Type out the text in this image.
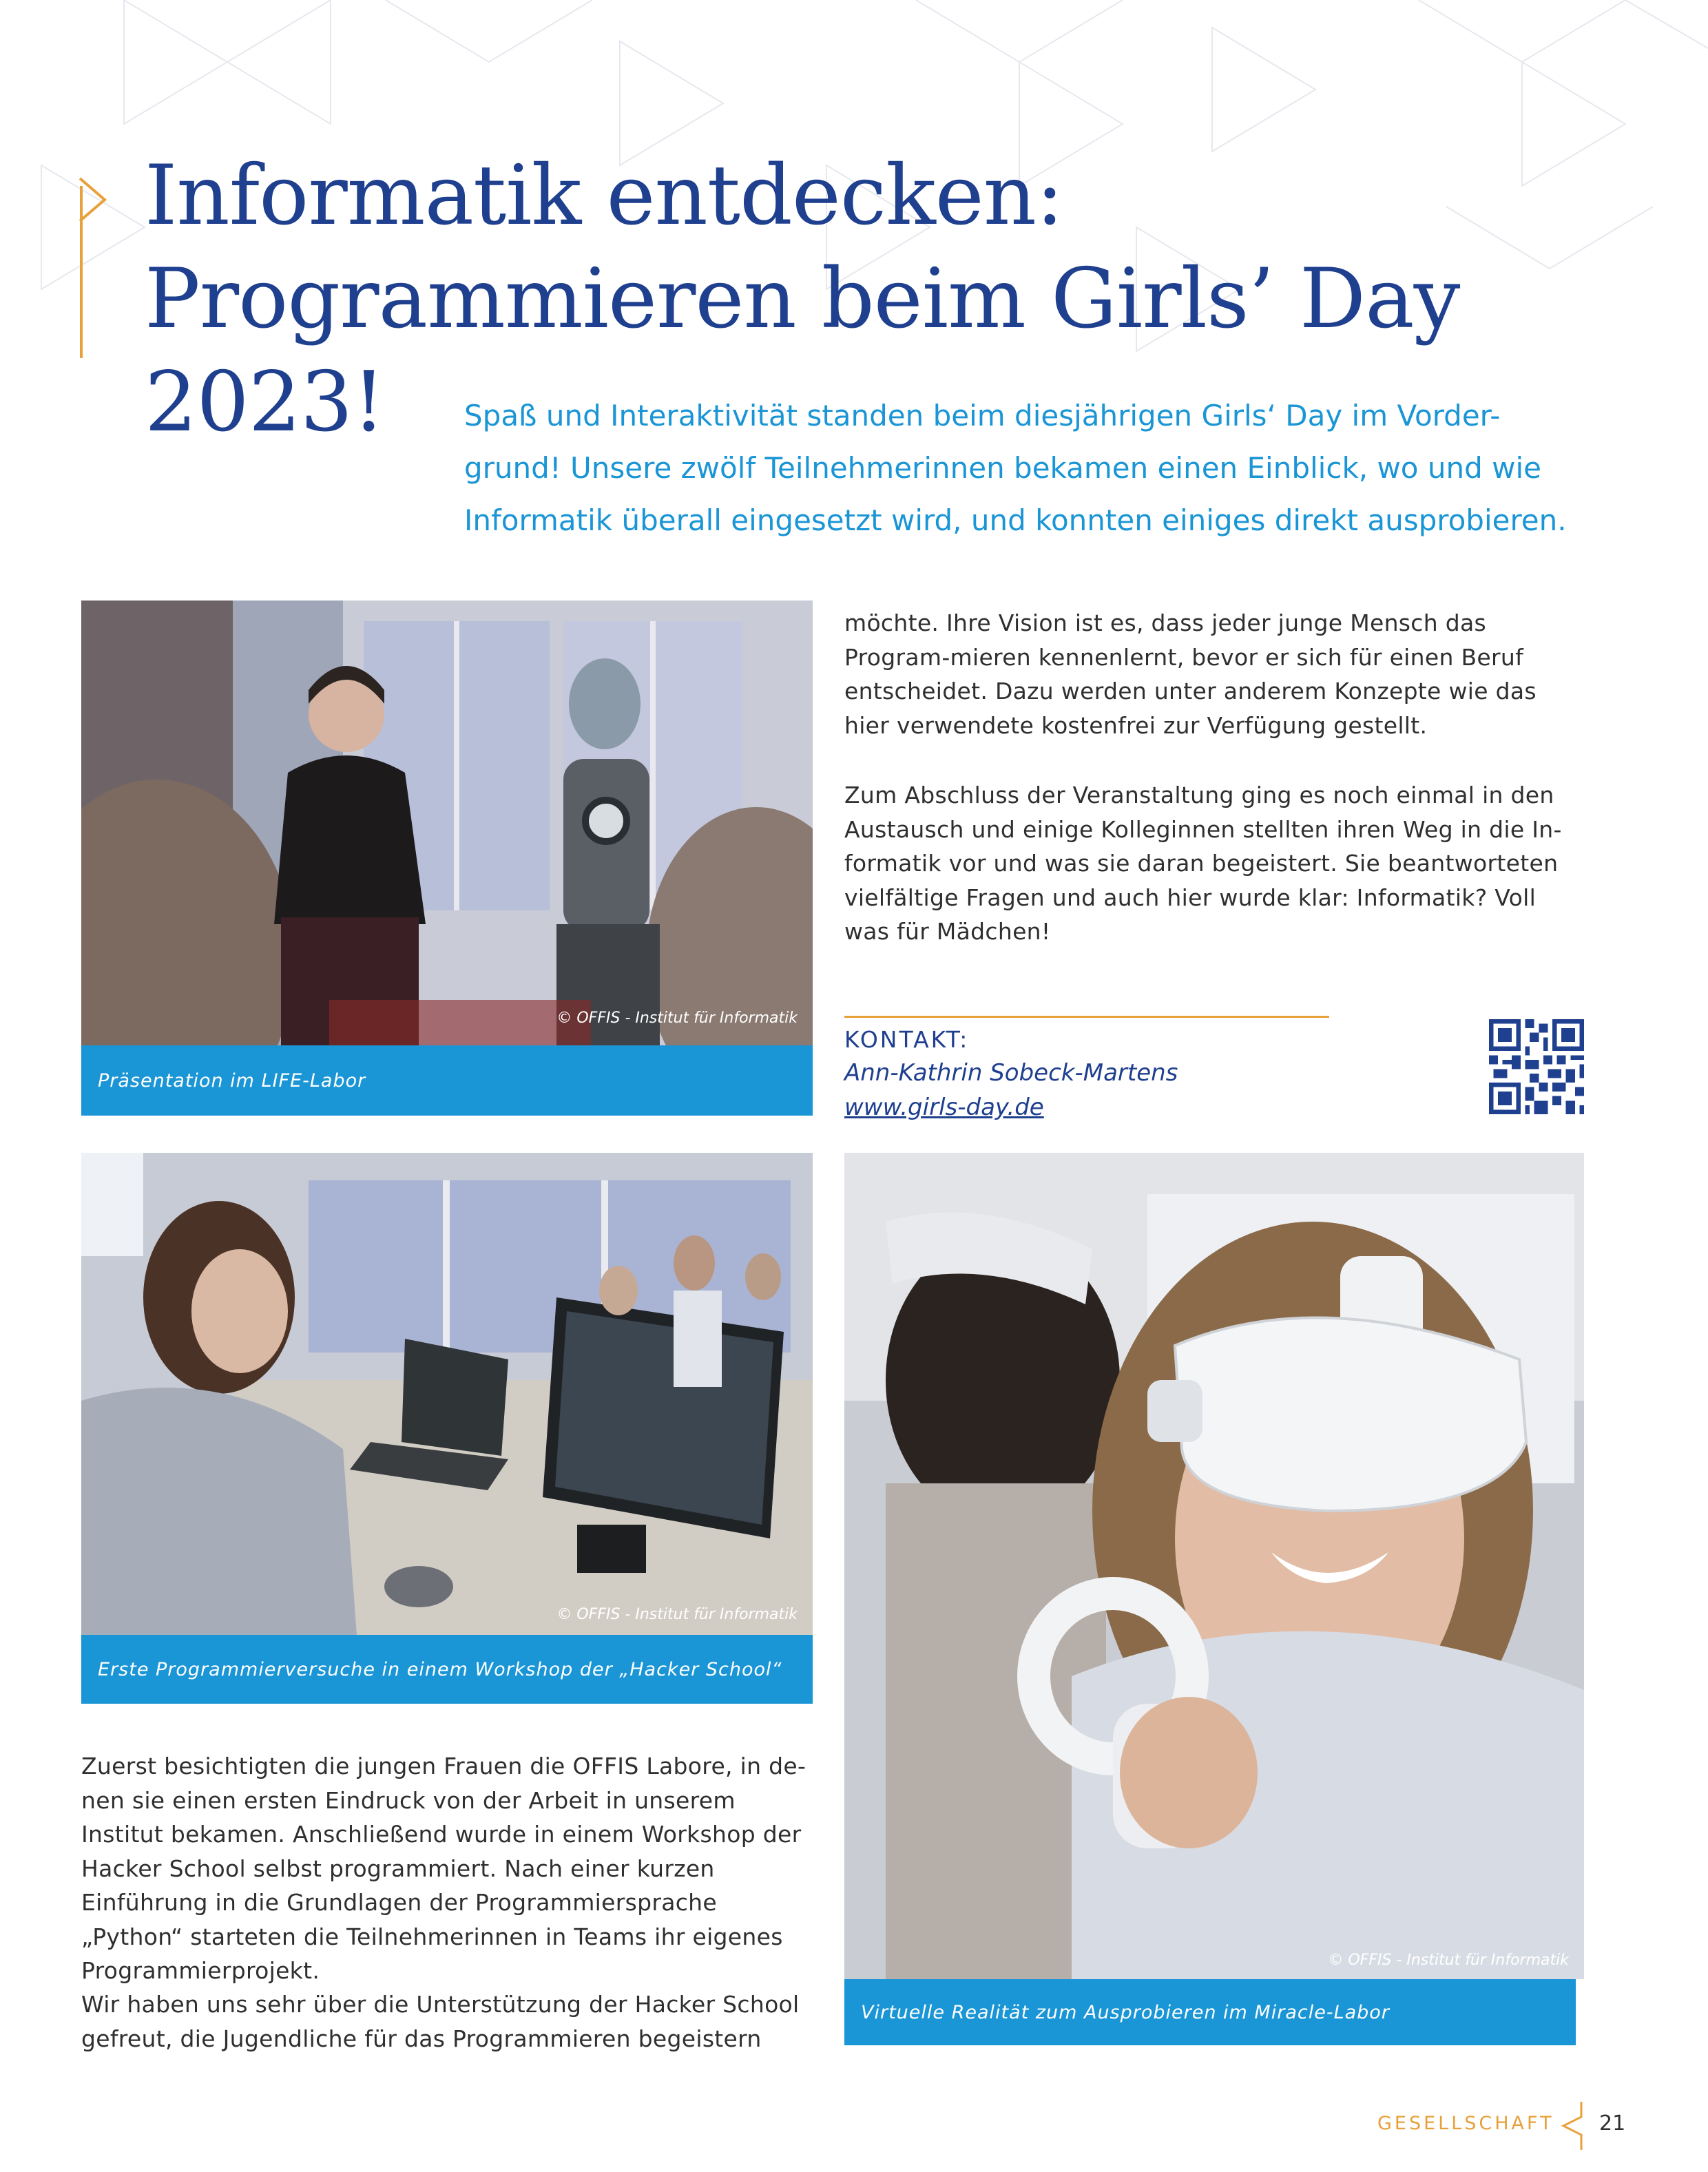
Informatik entdecken: Programmieren beim Girls’ Day 2023!	Spaß und Interaktivität standen beim diesjährigen Girls‘ Day im Vorder-grund! Unsere zwölf Teilnehmerinnen bekamen einen Einblick, wo und wie Informatik überall eingesetzt wird, und konnten einiges direkt ausprobieren.

© OFFIS - Institut für Informatik
Präsentation im LIFE-Labor
© OFFIS - Institut für Informatik
Erste Programmierversuche in einem Workshop der „Hacker School“
© OFFIS - Institut für Informatik
Virtuelle Realität zum Ausprobieren im Miracle-Labor

möchte. Ihre Vision ist es, dass jeder junge Mensch das Program-mieren kennenlernt, bevor er sich für einen Beruf entscheidet. Dazu werden unter anderem Konzepte wie das hier verwendete kostenfrei zur Verfügung gestellt.

Zum Abschluss der Veranstaltung ging es noch einmal in den Austausch und einige Kolleginnen stellten ihren Weg in die In-formatik vor und was sie daran begeistert. Sie beantworteten vielfältige Fragen und auch hier wurde klar: Informatik? Voll was für Mädchen!

Zuerst besichtigten die jungen Frauen die OFFIS Labore, in de-nen sie einen ersten Eindruck von der Arbeit in unserem Institut bekamen. Anschließend wurde in einem Workshop der Hacker School selbst programmiert. Nach einer kurzen Einführung in die Grundlagen der Programmiersprache „Python“ starteten die Teilnehmerinnen in Teams ihr eigenes Programmierprojekt.

Wir haben uns sehr über die Unterstützung der Hacker School gefreut, die Jugendliche für das Programmieren begeistern

KONTAKT:
Ann-Kathrin Sobeck-Martens
www.girls-day.de
GESELLSCHAFT 21
